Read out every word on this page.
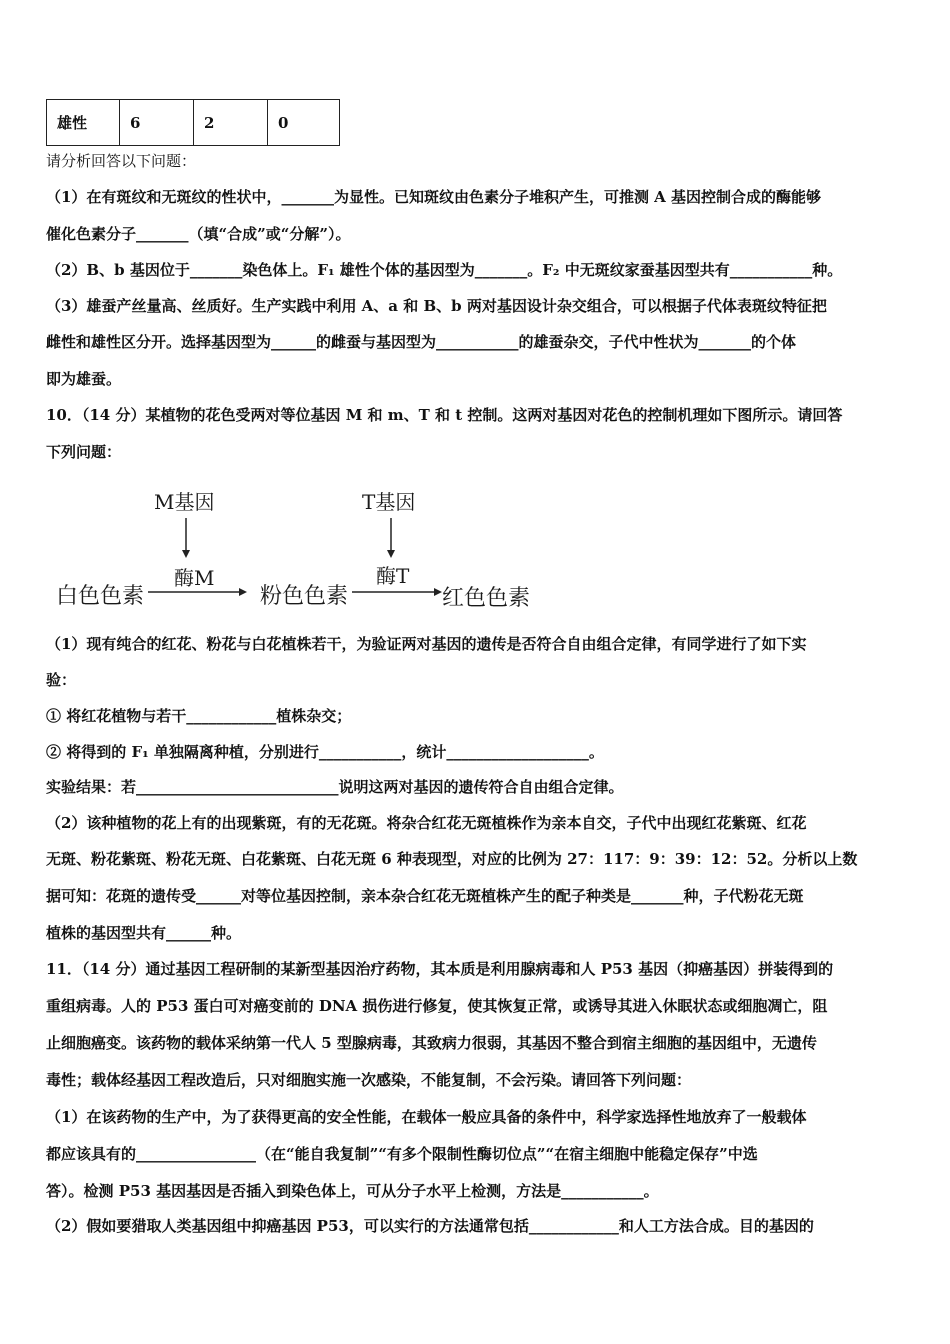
雄性	6	2	0
请分析回答以下问题：
（1）在有斑纹和无斑纹的性状中，_______为显性。已知斑纹由色素分子堆积产生，可推测 A 基因控制合成的酶能够
催化色素分子_______（填“合成”或“分解”）。
（2）B、b 基因位于_______染色体上。F₁ 雄性个体的基因型为_______。F₂ 中无斑纹家蚕基因型共有___________种。
（3）雄蚕产丝量高、丝质好。生产实践中利用 A、a 和 B、b 两对基因设计杂交组合，可以根据子代体表斑纹特征把
雌性和雄性区分开。选择基因型为______的雌蚕与基因型为___________的雄蚕杂交，子代中性状为_______的个体
即为雄蚕。
10．（14 分）某植物的花色受两对等位基因 M 和 m、T 和 t 控制。这两对基因对花色的控制机理如下图所示。请回答
下列问题：
M基因	T基因
酶M	酶T
白色色素	粉色色素	红色色素
（1）现有纯合的红花、粉花与白花植株若干，为验证两对基因的遗传是否符合自由组合定律，有同学进行了如下实
验：
① 将红花植物与若干____________植株杂交；
② 将得到的 F₁ 单独隔离种植，分别进行___________，统计___________________。
实验结果：若___________________________说明这两对基因的遗传符合自由组合定律。
（2）该种植物的花上有的出现紫斑，有的无花斑。将杂合红花无斑植株作为亲本自交，子代中出现红花紫斑、红花
无斑、粉花紫斑、粉花无斑、白花紫斑、白花无斑 6 种表现型，对应的比例为 27：117：9：39：12：52。分析以上数
据可知：花斑的遗传受______对等位基因控制，亲本杂合红花无斑植株产生的配子种类是_______种，子代粉花无斑
植株的基因型共有______种。
11．（14 分）通过基因工程研制的某新型基因治疗药物，其本质是利用腺病毒和人 P53 基因（抑癌基因）拼装得到的
重组病毒。人的 P53 蛋白可对癌变前的 DNA 损伤进行修复，使其恢复正常，或诱导其进入休眠状态或细胞凋亡，阻
止细胞癌变。该药物的载体采纳第一代人 5 型腺病毒，其致病力很弱，其基因不整合到宿主细胞的基因组中，无遗传
毒性；载体经基因工程改造后，只对细胞实施一次感染，不能复制，不会污染。请回答下列问题：
（1）在该药物的生产中，为了获得更高的安全性能，在载体一般应具备的条件中，科学家选择性地放弃了一般载体
都应该具有的________________（在“能自我复制”“有多个限制性酶切位点”“在宿主细胞中能稳定保存”中选
答）。检测 P53 基因基因是否插入到染色体上，可从分子水平上检测，方法是___________。
（2）假如要猎取人类基因组中抑癌基因 P53，可以实行的方法通常包括____________和人工方法合成。目的基因的
